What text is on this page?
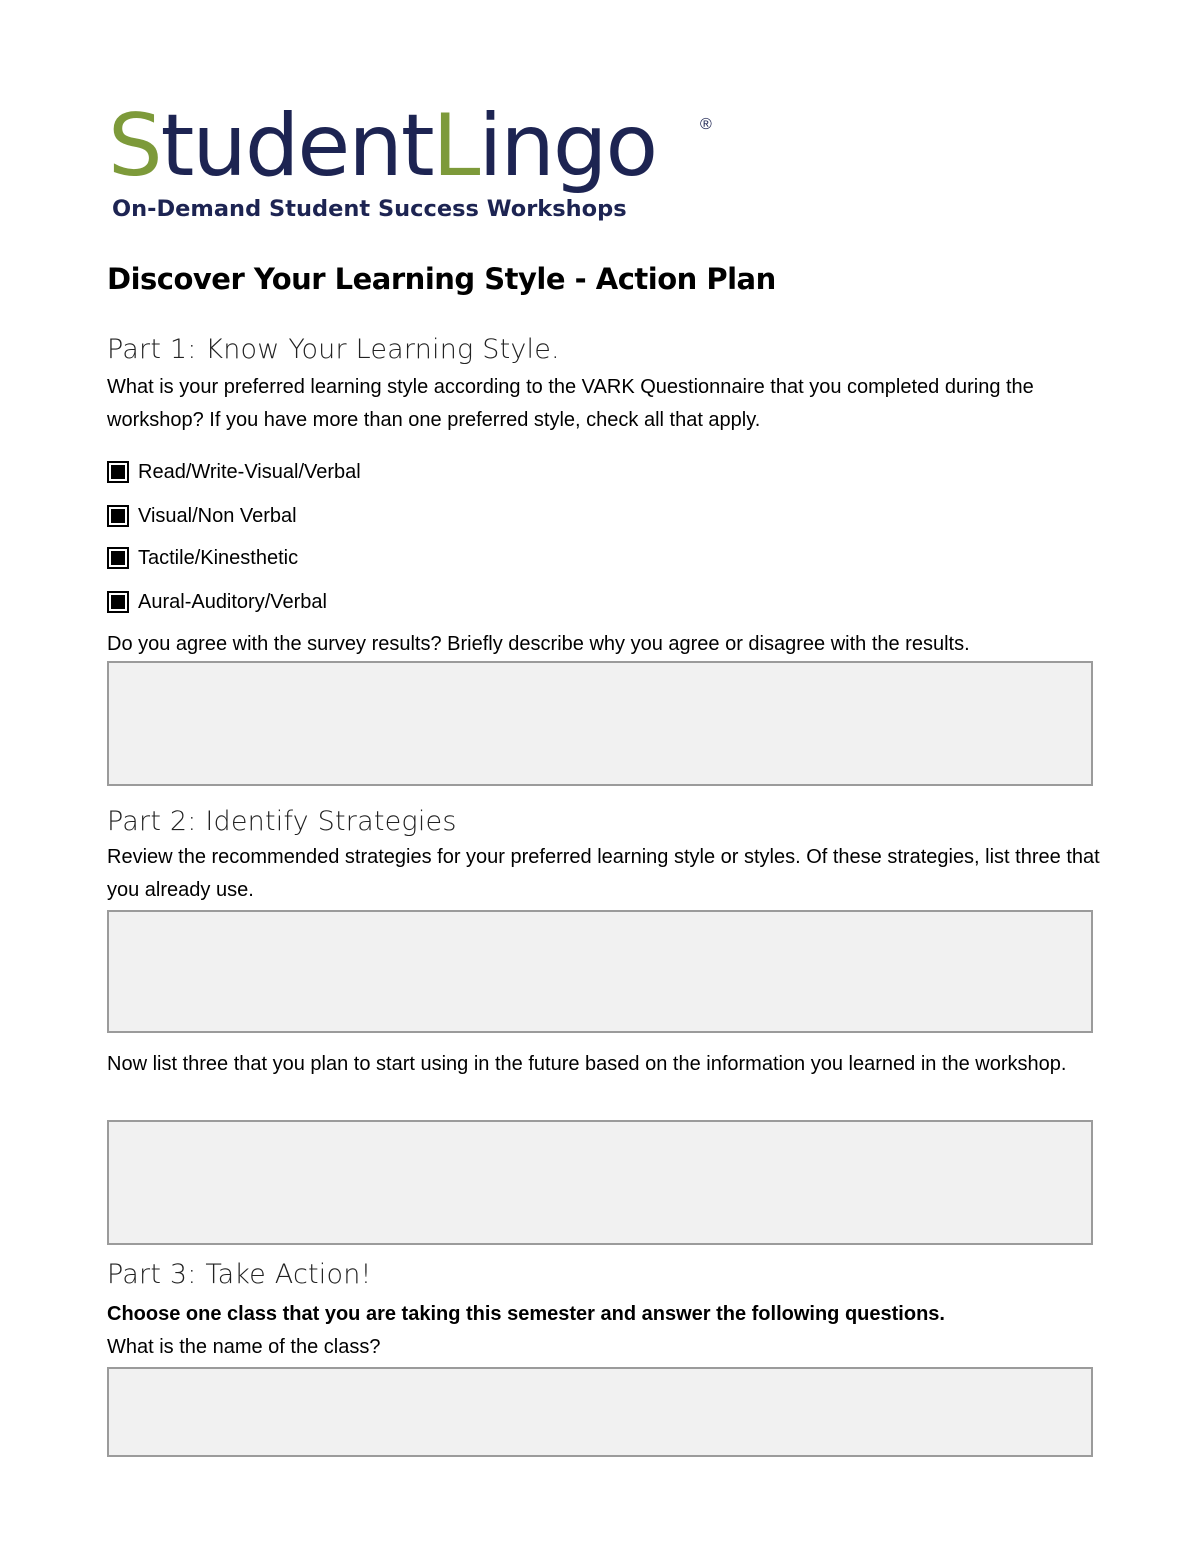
StudentLingo	®
On-Demand Student Success Workshops
Discover Your Learning Style - Action Plan
Part 1: Know Your Learning Style.
What is your preferred learning style according to the VARK Questionnaire that you completed during the workshop? If you have more than one preferred style, check all that apply.
Read/Write-Visual/Verbal
Visual/Non Verbal
Tactile/Kinesthetic
Aural-Auditory/Verbal
Do you agree with the survey results? Briefly describe why you agree or disagree with the results.
Part 2: Identify Strategies
Review the recommended strategies for your preferred learning style or styles. Of these strategies, list three that you already use.
Now list three that you plan to start using in the future based on the information you learned in the workshop.
Part 3: Take Action!
Choose one class that you are taking this semester and answer the following questions.
What is the name of the class?
